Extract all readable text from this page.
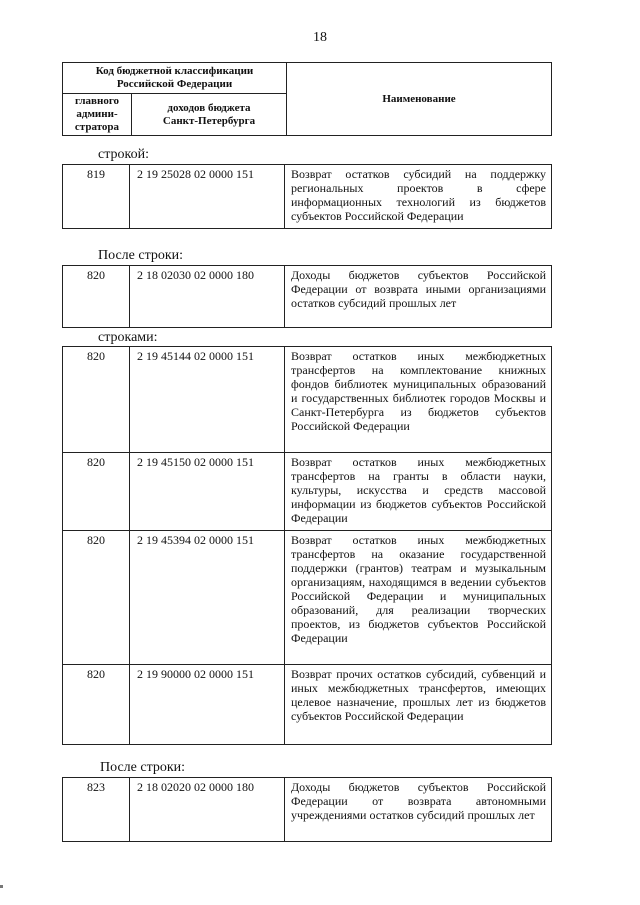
18
Код бюджетной классификации Российской Федерации		Наименование
главного админи-стратора	доходов бюджета Санкт-Петербурга	
строкой:
819	2 19 25028 02 0000 151	Возврат остатков субсидий на поддержку региональных проектов в сфере информационных технологий из бюджетов субъектов Российской Федерации
После строки:
820	2 18 02030 02 0000 180	Доходы бюджетов субъектов Российской Федерации от возврата иными организациями остатков субсидий прошлых лет
строками:
820	2 19 45144 02 0000 151	Возврат остатков иных межбюджетных трансфертов на комплектование книжных фондов библиотек муниципальных образований и государственных библиотек городов Москвы и Санкт-Петербурга из бюджетов субъектов Российской Федерации
820	2 19 45150 02 0000 151	Возврат остатков иных межбюджетных трансфертов на гранты в области науки, культуры, искусства и средств массовой информации из бюджетов субъектов Российской Федерации
820	2 19 45394 02 0000 151	Возврат остатков иных межбюджетных трансфертов на оказание государственной поддержки (грантов) театрам и музыкальным организациям, находящимся в ведении субъектов Российской Федерации и муниципальных образований, для реализации творческих проектов, из бюджетов субъектов Российской Федерации
820	2 19 90000 02 0000 151	Возврат прочих остатков субсидий, субвенций и иных межбюджетных трансфертов, имеющих целевое назначение, прошлых лет из бюджетов субъектов Российской Федерации
После строки:
823	2 18 02020 02 0000 180	Доходы бюджетов субъектов Российской Федерации от возврата автономными учреждениями остатков субсидий прошлых лет
